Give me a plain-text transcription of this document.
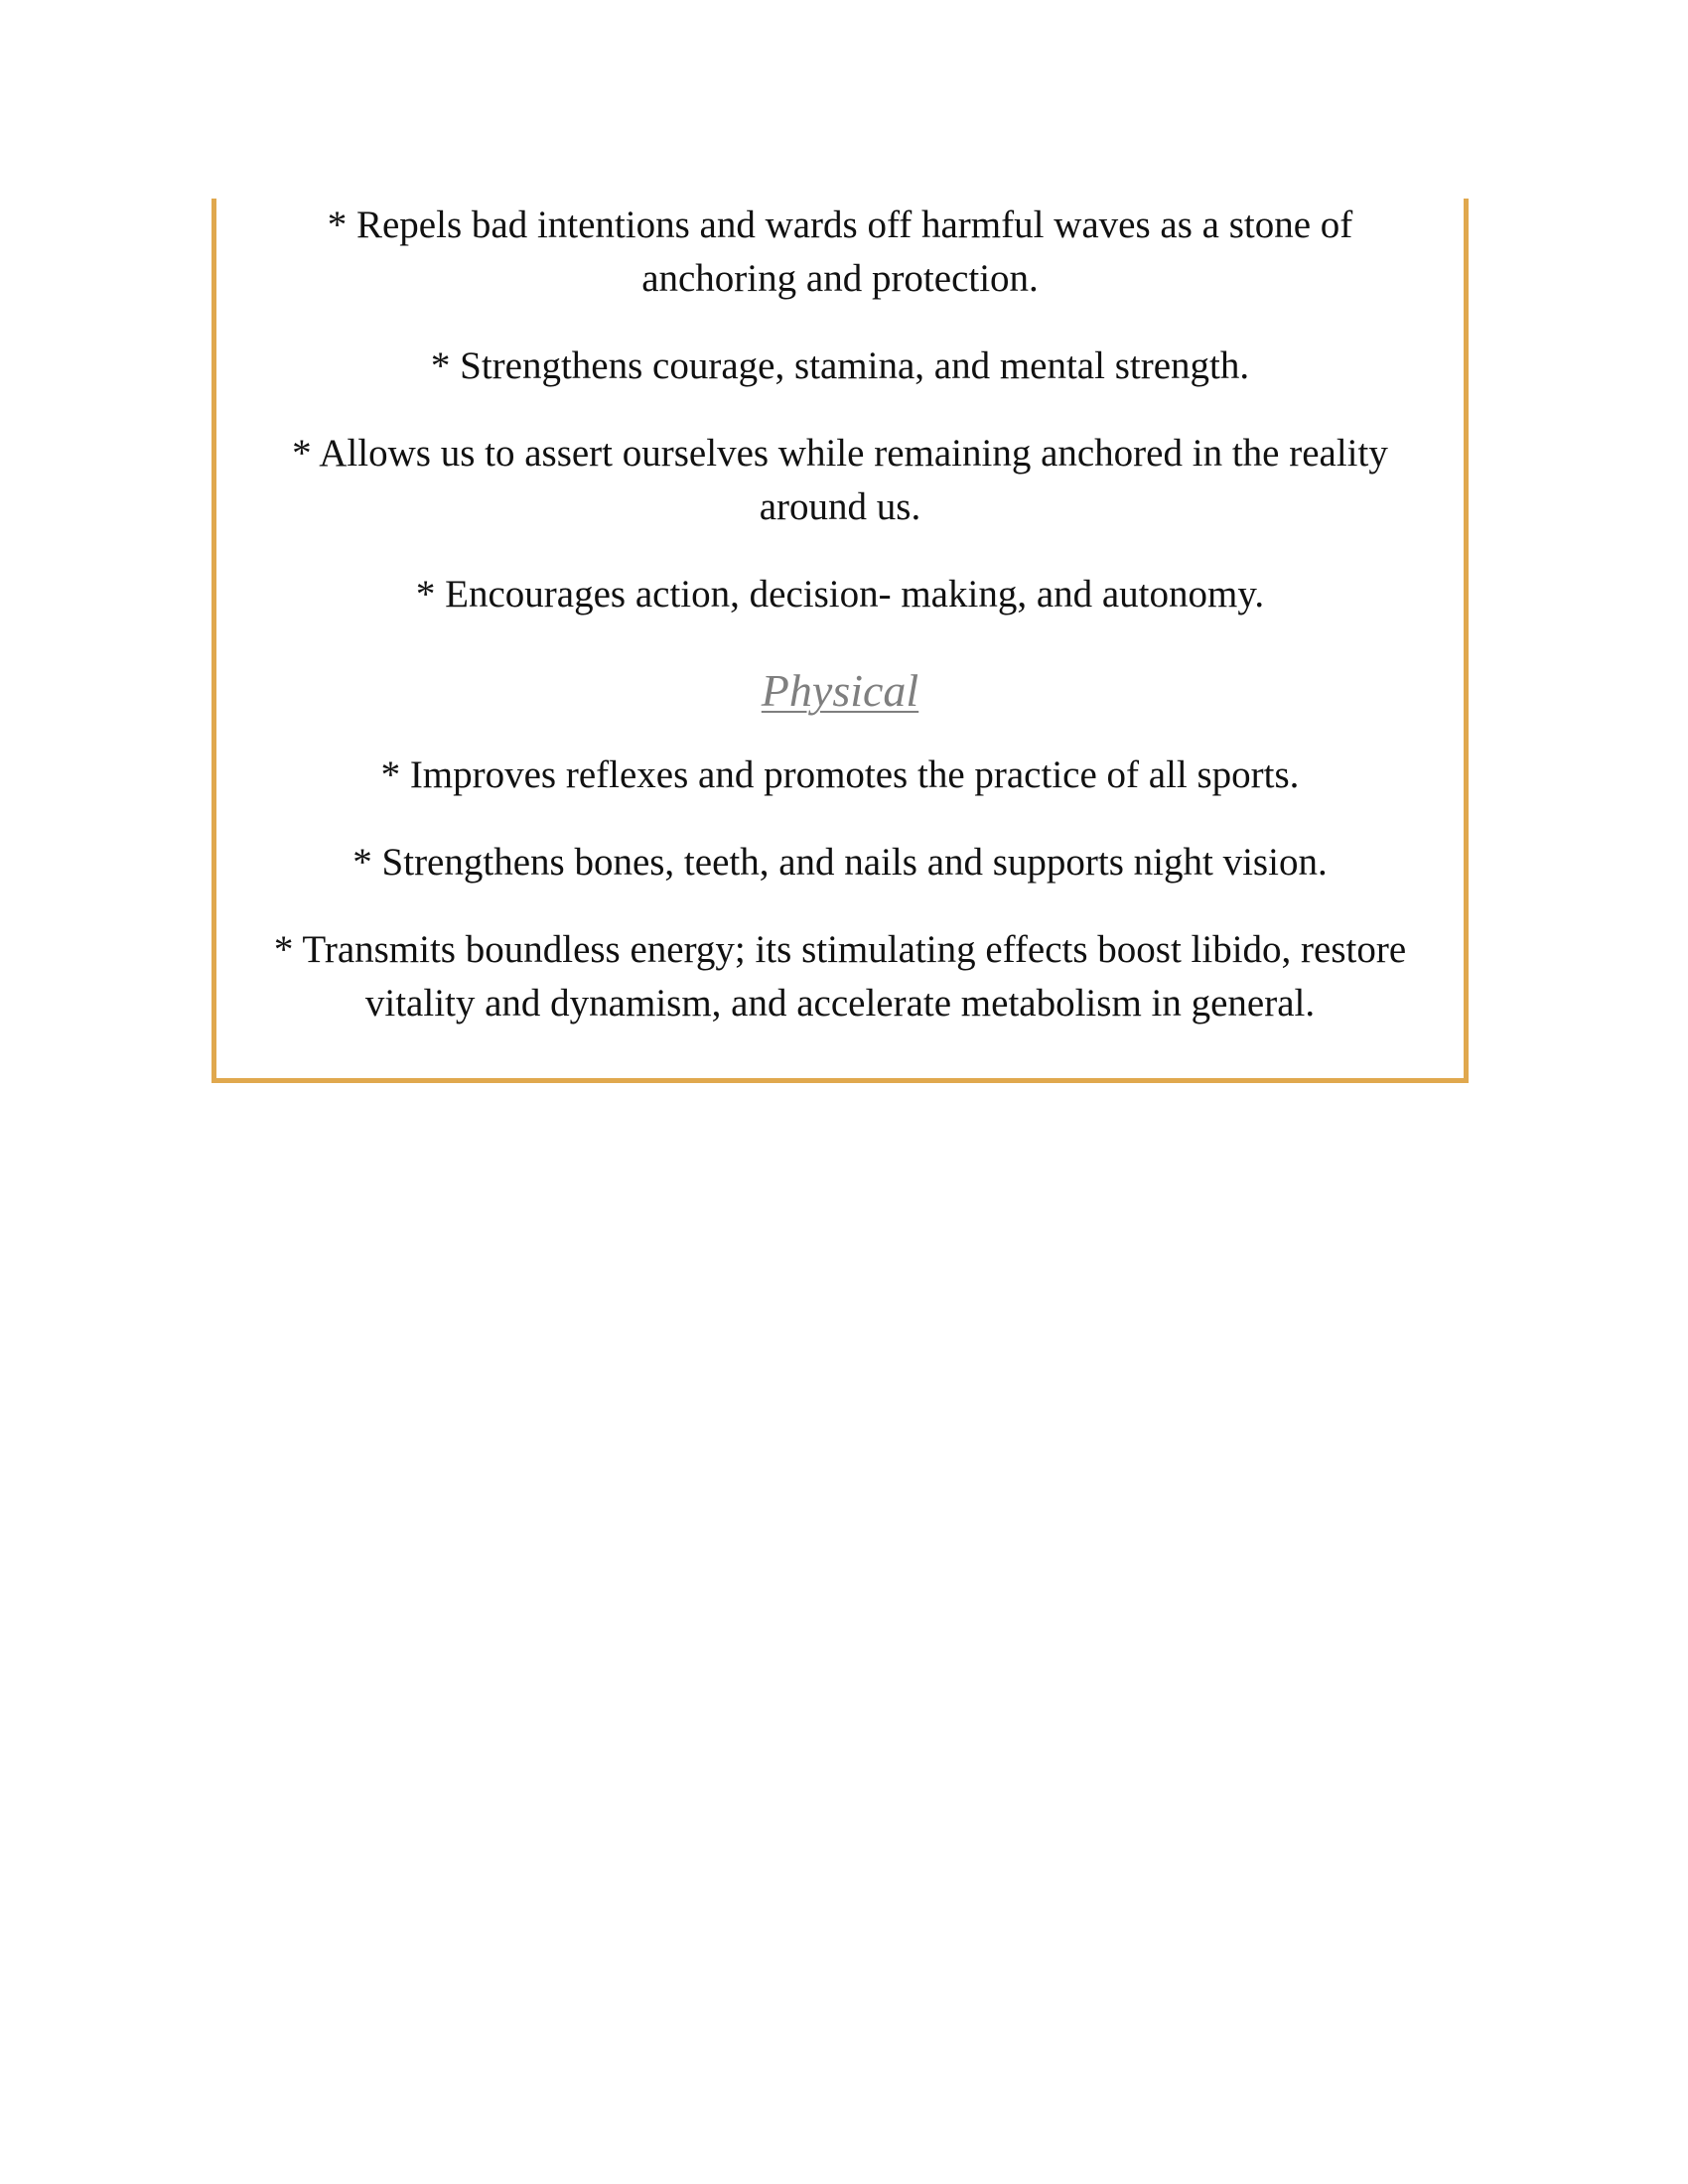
* Repels bad intentions and wards off harmful waves as a stone of anchoring and protection.

* Strengthens courage, stamina, and mental strength.

* Allows us to assert ourselves while remaining anchored in the reality around us.

* Encourages action, decision- making, and autonomy.

Physical

* Improves reflexes and promotes the practice of all sports.

* Strengthens bones, teeth, and nails and supports night vision.

* Transmits boundless energy; its stimulating effects boost libido, restore vitality and dynamism, and accelerate metabolism in general.
